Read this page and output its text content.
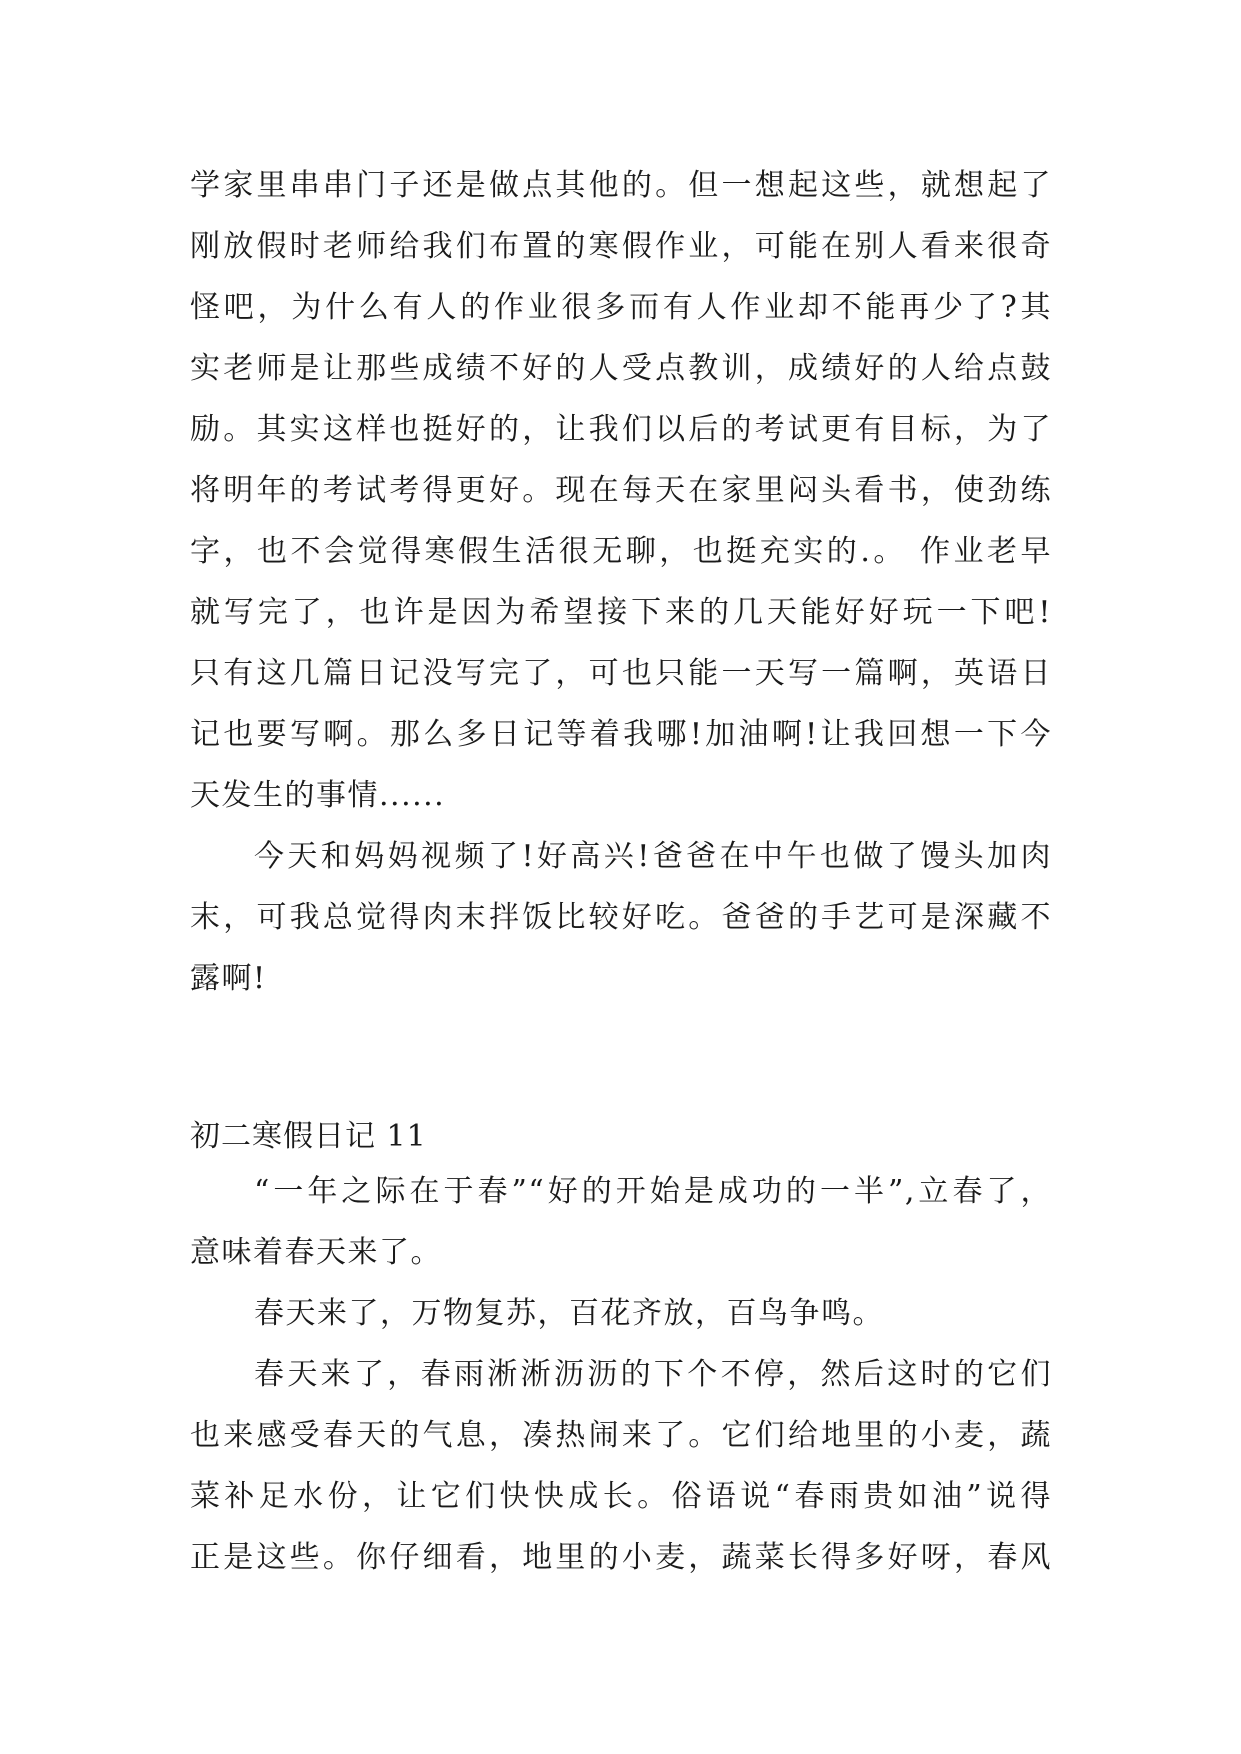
学家里串串门子还是做点其他的。但一想起这些，就想起了
刚放假时老师给我们布置的寒假作业，可能在别人看来很奇
怪吧，为什么有人的作业很多而有人作业却不能再少了?其
实老师是让那些成绩不好的人受点教训，成绩好的人给点鼓
励。其实这样也挺好的，让我们以后的考试更有目标，为了
将明年的考试考得更好。现在每天在家里闷头看书，使劲练
字，也不会觉得寒假生活很无聊，也挺充实的.。 作业老早
就写完了，也许是因为希望接下来的几天能好好玩一下吧!
只有这几篇日记没写完了，可也只能一天写一篇啊，英语日
记也要写啊。那么多日记等着我哪!加油啊!让我回想一下今
天发生的事情......
今天和妈妈视频了!好高兴!爸爸在中午也做了馒头加肉
末，可我总觉得肉末拌饭比较好吃。爸爸的手艺可是深藏不
露啊!
初二寒假日记 11
“一年之际在于春”“好的开始是成功的一半”,立春了，
意味着春天来了。
春天来了，万物复苏，百花齐放，百鸟争鸣。
春天来了，春雨淅淅沥沥的下个不停，然后这时的它们
也来感受春天的气息，凑热闹来了。它们给地里的小麦，蔬
菜补足水份，让它们快快成长。俗语说“春雨贵如油”说得
正是这些。你仔细看，地里的小麦，蔬菜长得多好呀，春风
